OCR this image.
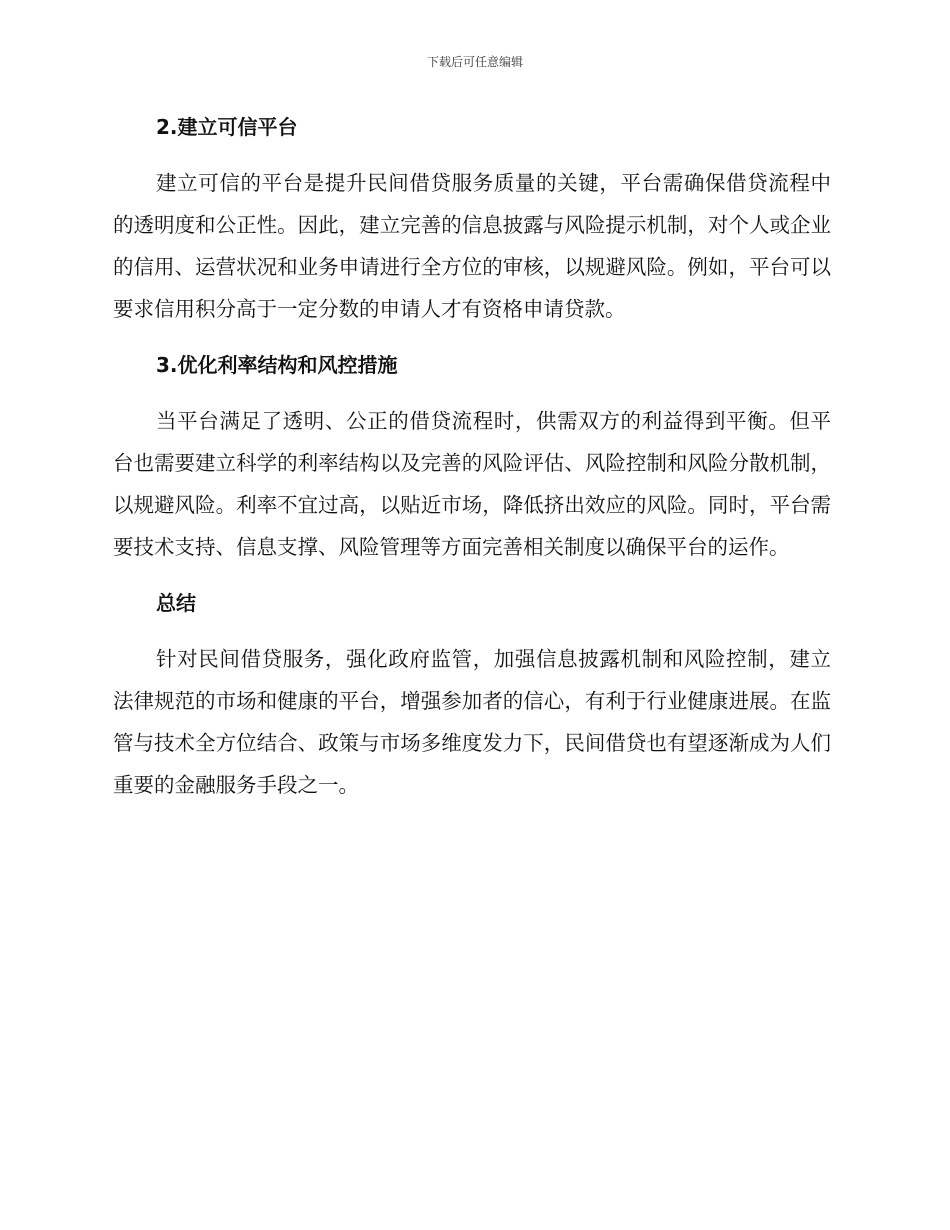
下载后可任意编辑
2.建立可信平台

建立可信的平台是提升民间借贷服务质量的关键，平台需确保借贷流程中的透明度和公正性。因此，建立完善的信息披露与风险提示机制，对个人或企业的信用、运营状况和业务申请进行全方位的审核，以规避风险。例如，平台可以要求信用积分高于一定分数的申请人才有资格申请贷款。

3.优化利率结构和风控措施

当平台满足了透明、公正的借贷流程时，供需双方的利益得到平衡。但平台也需要建立科学的利率结构以及完善的风险评估、风险控制和风险分散机制，以规避风险。利率不宜过高，以贴近市场，降低挤出效应的风险。同时，平台需要技术支持、信息支撑、风险管理等方面完善相关制度以确保平台的运作。

总结

针对民间借贷服务，强化政府监管，加强信息披露机制和风险控制，建立法律规范的市场和健康的平台，增强参加者的信心，有利于行业健康进展。在监管与技术全方位结合、政策与市场多维度发力下，民间借贷也有望逐渐成为人们重要的金融服务手段之一。
